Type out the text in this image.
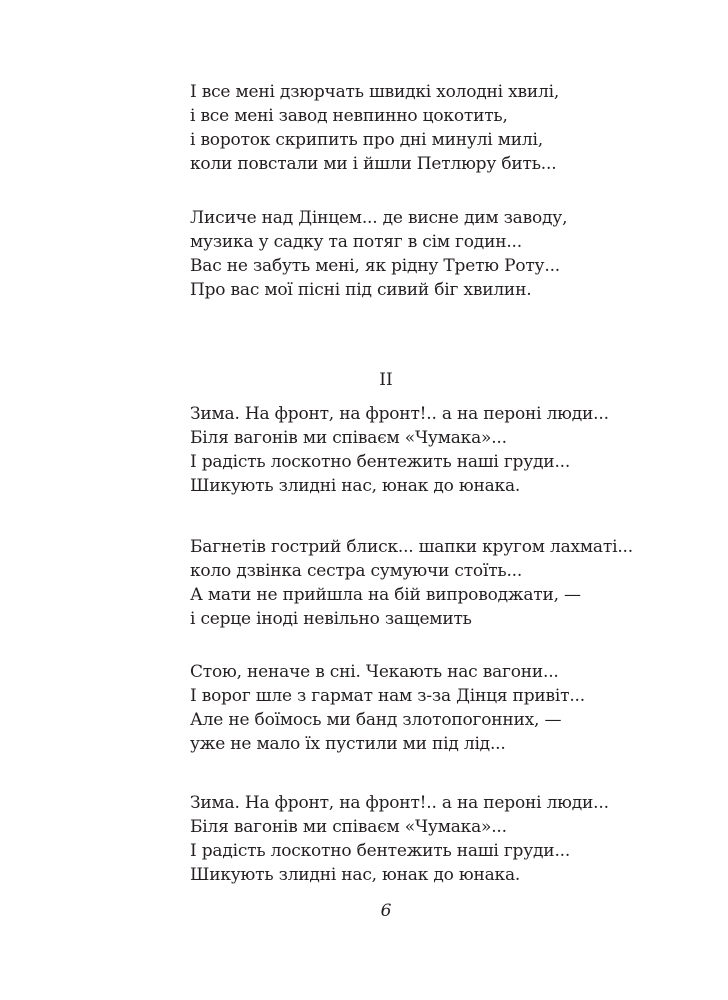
І все мені дзюрчать швидкі холодні хвилі,
і все мені завод невпинно цокотить,
і вороток скрипить про дні минулі милі,
коли повстали ми і йшли Петлюру бить...
Лисиче над Дінцем... де висне дим заводу,
музика у садку та потяг в сім годин...
Вас не забуть мені, як рідну Третю Роту...
Про вас мої пісні під сивий біг хвилин.
II
Зима. На фронт, на фронт!.. а на пероні люди...
Біля вагонів ми співаєм «Чумака»...
І радість лоскотно бентежить наші груди...
Шикують злидні нас, юнак до юнака.
Багнетів гострий блиск... шапки кругом лахматі...
коло дзвінка сестра сумуючи стоїть...
А мати не прийшла на бій випроводжати, —
і серце іноді невільно защемить
Стою, неначе в сні. Чекають нас вагони...
І ворог шле з гармат нам з-за Дінця привіт...
Але не боїмось ми банд злотопогонних, —
уже не мало їх пустили ми під лід...
Зима. На фронт, на фронт!.. а на пероні люди...
Біля вагонів ми співаєм «Чумака»...
І радість лоскотно бентежить наші груди...
Шикують злидні нас, юнак до юнака.
6
